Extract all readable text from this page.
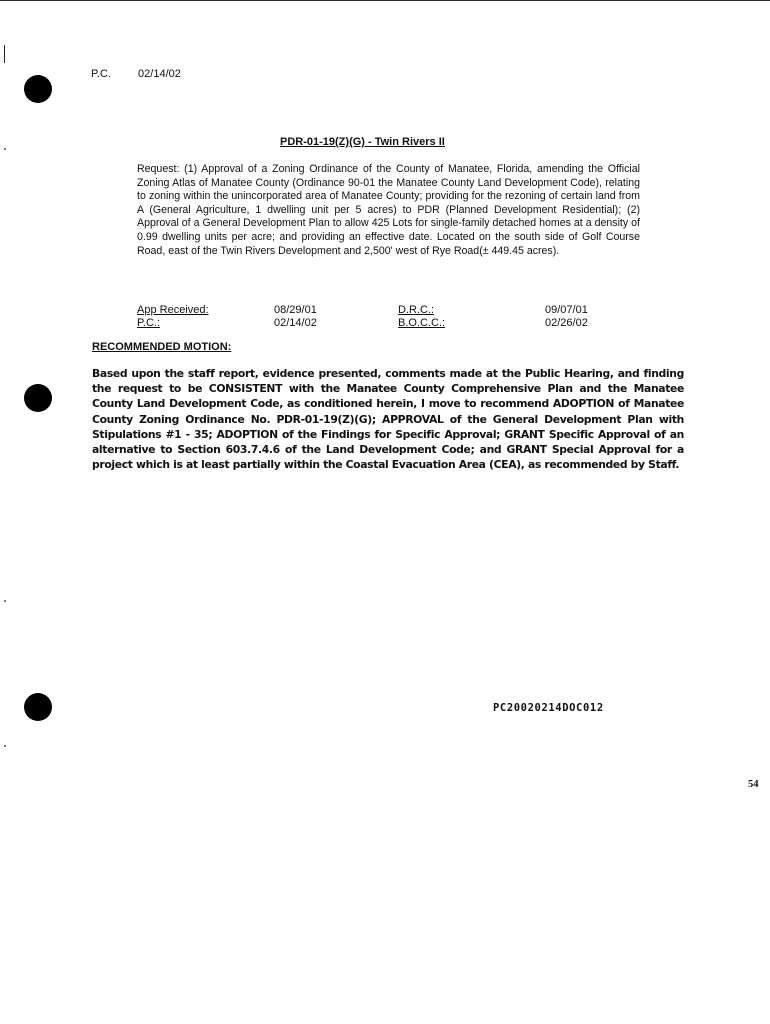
P.C. 02/14/02
PDR-01-19(Z)(G) - Twin Rivers II
Request: (1) Approval of a Zoning Ordinance of the County of Manatee, Florida, amending the Official Zoning Atlas of Manatee County (Ordinance 90-01 the Manatee County Land Development Code), relating to zoning within the unincorporated area of Manatee County; providing for the rezoning of certain land from A (General Agriculture, 1 dwelling unit per 5 acres) to PDR (Planned Development Residential); (2) Approval of a General Development Plan to allow 425 Lots for single-family detached homes at a density of 0.99 dwelling units per acre; and providing an effective date. Located on the south side of Golf Course Road, east of the Twin Rivers Development and 2,500' west of Rye Road(± 449.45 acres).
App Received:	08/29/01	D.R.C.:	09/07/01
P.C.:	02/14/02	B.O.C.C.:	02/26/02
RECOMMENDED MOTION:
Based upon the staff report, evidence presented, comments made at the Public Hearing, and finding the request to be CONSISTENT with the Manatee County Comprehensive Plan and the Manatee County Land Development Code, as conditioned herein, I move to recommend ADOPTION of Manatee County Zoning Ordinance No. PDR-01-19(Z)(G); APPROVAL of the General Development Plan with Stipulations #1 - 35; ADOPTION of the Findings for Specific Approval; GRANT Specific Approval of an alternative to Section 603.7.4.6 of the Land Development Code; and GRANT Special Approval for a project which is at least partially within the Coastal Evacuation Area (CEA), as recommended by Staff.
PC20020214DOC012
54
